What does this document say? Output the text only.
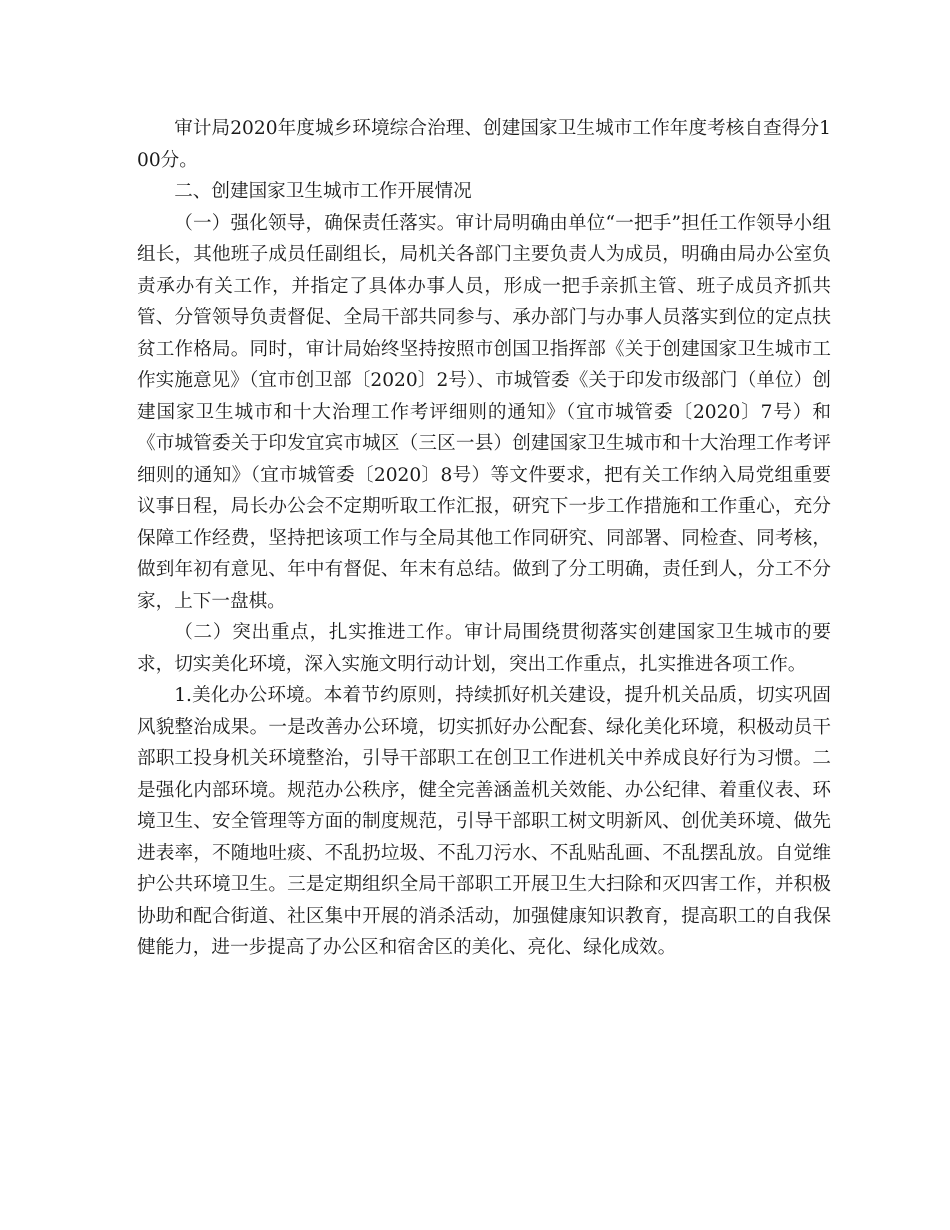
审计局2020年度城乡环境综合治理、创建国家卫生城市工作年度考核自查得分100分。

二、创建国家卫生城市工作开展情况

（一）强化领导，确保责任落实。审计局明确由单位“一把手”担任工作领导小组组长，其他班子成员任副组长，局机关各部门主要负责人为成员，明确由局办公室负责承办有关工作，并指定了具体办事人员，形成一把手亲抓主管、班子成员齐抓共管、分管领导负责督促、全局干部共同参与、承办部门与办事人员落实到位的定点扶贫工作格局。同时，审计局始终坚持按照市创国卫指挥部《关于创建国家卫生城市工作实施意见》（宜市创卫部〔2020〕2号）、市城管委《关于印发市级部门（单位）创建国家卫生城市和十大治理工作考评细则的通知》（宜市城管委〔2020〕7号）和《市城管委关于印发宜宾市城区（三区一县）创建国家卫生城市和十大治理工作考评细则的通知》（宜市城管委〔2020〕8号）等文件要求，把有关工作纳入局党组重要议事日程，局长办公会不定期听取工作汇报，研究下一步工作措施和工作重心，充分保障工作经费，坚持把该项工作与全局其他工作同研究、同部署、同检查、同考核，做到年初有意见、年中有督促、年末有总结。做到了分工明确，责任到人，分工不分家，上下一盘棋。

（二）突出重点，扎实推进工作。审计局围绕贯彻落实创建国家卫生城市的要求，切实美化环境，深入实施文明行动计划，突出工作重点，扎实推进各项工作。

1.美化办公环境。本着节约原则，持续抓好机关建设，提升机关品质，切实巩固风貌整治成果。一是改善办公环境，切实抓好办公配套、绿化美化环境，积极动员干部职工投身机关环境整治，引导干部职工在创卫工作进机关中养成良好行为习惯。二是强化内部环境。规范办公秩序，健全完善涵盖机关效能、办公纪律、着重仪表、环境卫生、安全管理等方面的制度规范，引导干部职工树文明新风、创优美环境、做先进表率，不随地吐痰、不乱扔垃圾、不乱刀污水、不乱贴乱画、不乱摆乱放。自觉维护公共环境卫生。三是定期组织全局干部职工开展卫生大扫除和灭四害工作，并积极协助和配合街道、社区集中开展的消杀活动，加强健康知识教育，提高职工的自我保健能力，进一步提高了办公区和宿舍区的美化、亮化、绿化成效。
